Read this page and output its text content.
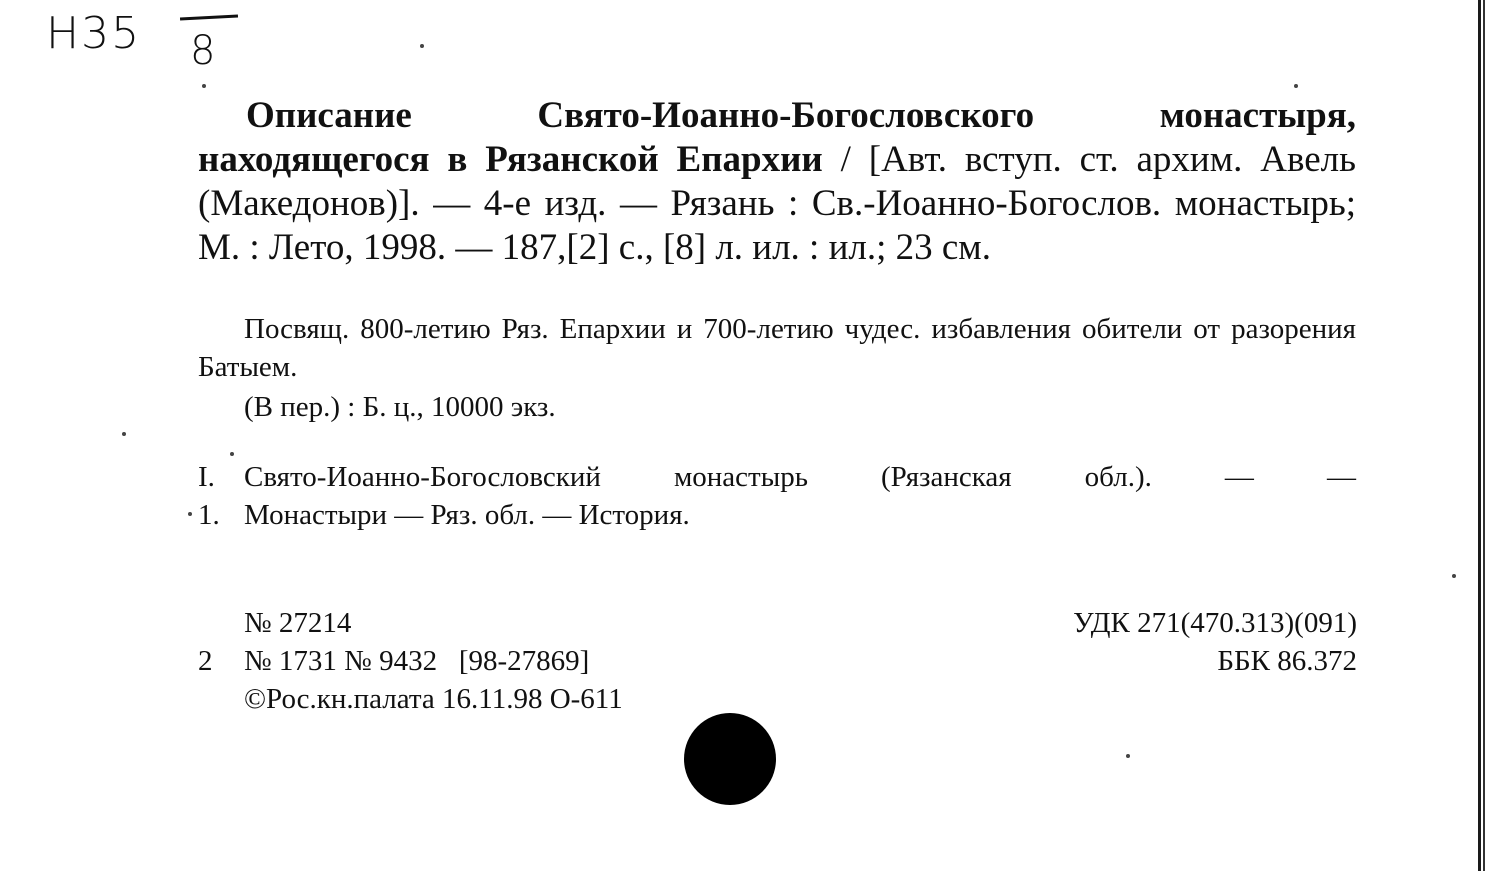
Н35 8

Описание Свято-Иоанно-Богословского монастыря, находящегося в Рязанской Епархии / [Авт. вступ. ст. архим. Авель (Македонов)]. — 4-е изд. — Рязань : Св.-Иоанно-Богослов. монастырь; М. : Лето, 1998. — 187,[2] с., [8] л. ил. : ил.; 23 см.

Посвящ. 800-летию Ряз. Епархии и 700-летию чудес. избавления обители от разорения Батыем.

(В пер.) : Б. ц., 10000 экз.

I.	Свято-Иоанно-Богословский монастырь (Рязанская обл.). — —
1. Монастыри — Ряз. обл. — История.
№ 27214
2	№ 1731 № 9432   [98-27869]
©Рос.кн.палата 16.11.98 О-611
УДК 271(470.313)(091)
ББК 86.372
